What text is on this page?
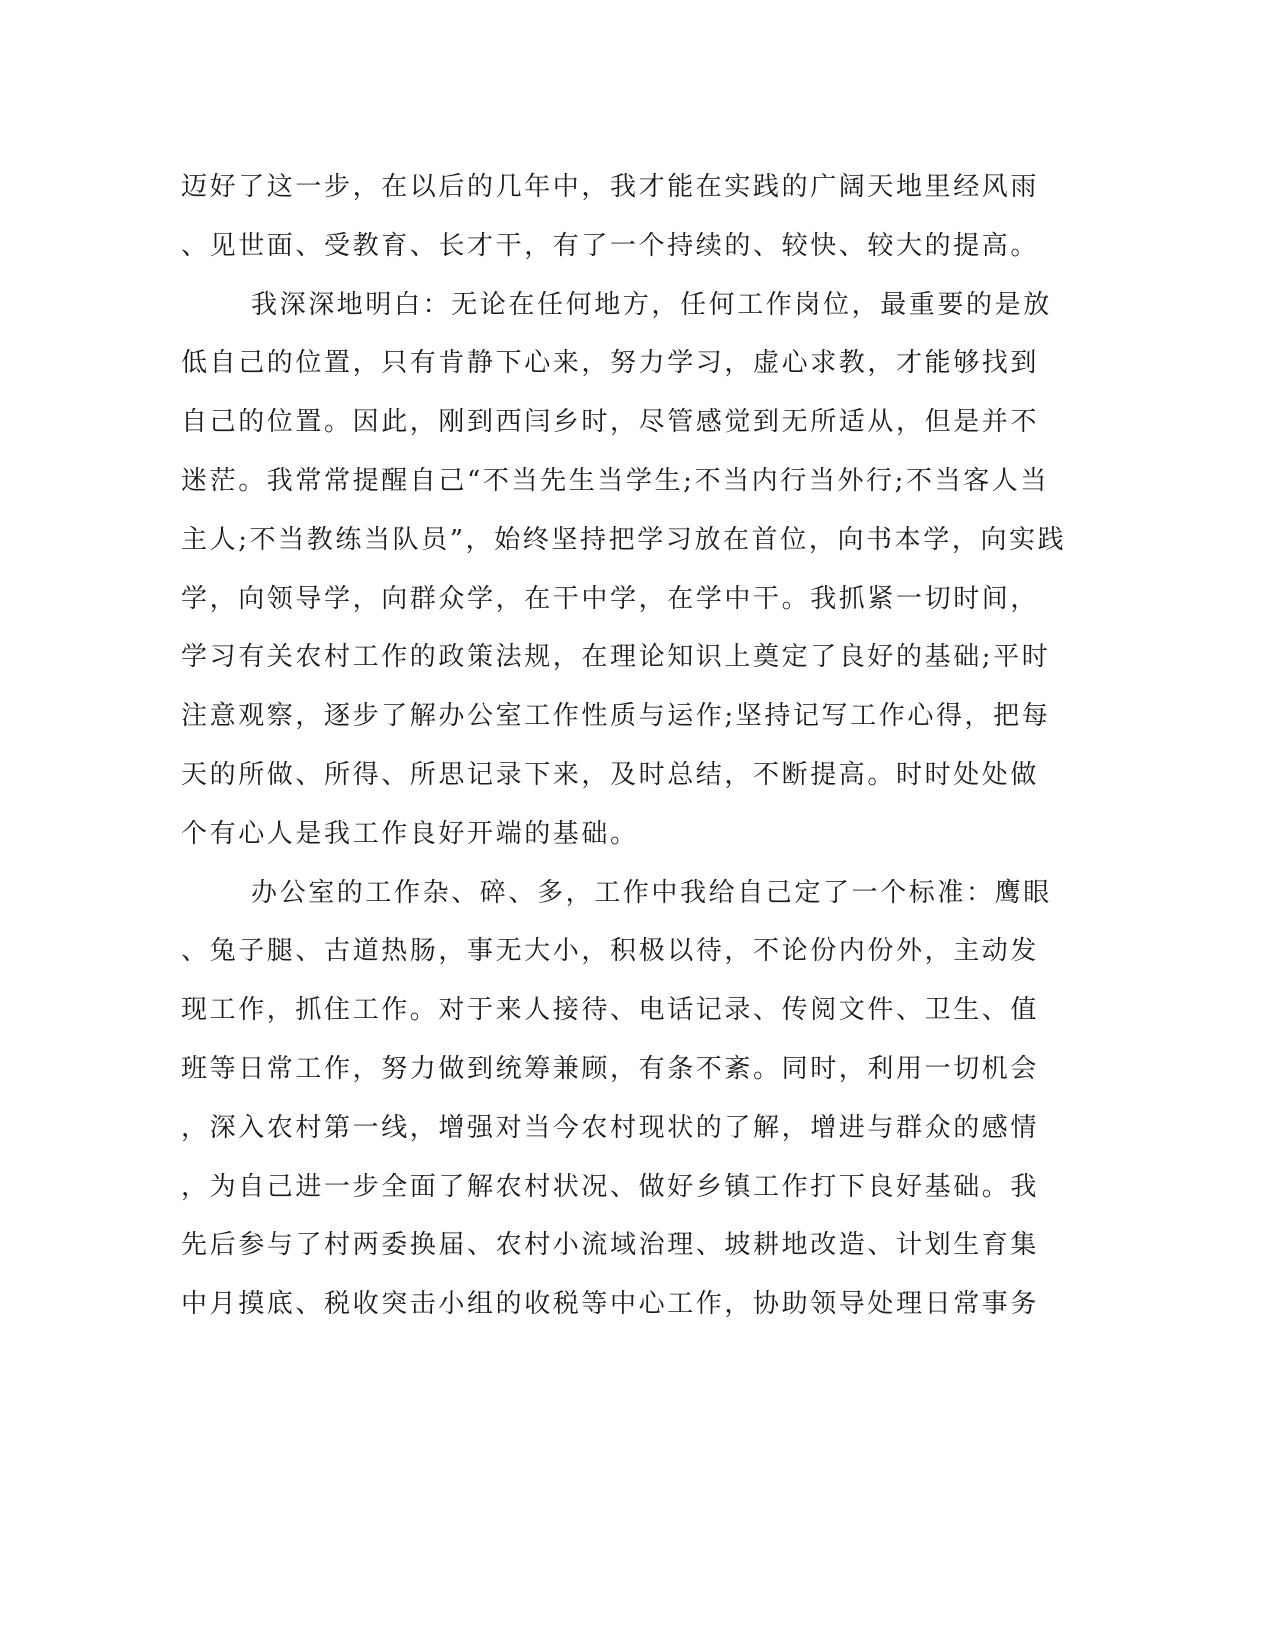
迈好了这一步，在以后的几年中，我才能在实践的广阔天地里经风雨
、见世面、受教育、长才干，有了一个持续的、较快、较大的提高。
我深深地明白：无论在任何地方，任何工作岗位，最重要的是放
低自己的位置，只有肯静下心来，努力学习，虚心求教，才能够找到
自己的位置。因此，刚到西闫乡时，尽管感觉到无所适从，但是并不
迷茫。我常常提醒自己“不当先生当学生;不当内行当外行;不当客人当
主人;不当教练当队员”，始终坚持把学习放在首位，向书本学，向实践
学，向领导学，向群众学，在干中学，在学中干。我抓紧一切时间，
学习有关农村工作的政策法规，在理论知识上奠定了良好的基础;平时
注意观察，逐步了解办公室工作性质与运作;坚持记写工作心得，把每
天的所做、所得、所思记录下来，及时总结，不断提高。时时处处做
个有心人是我工作良好开端的基础。
办公室的工作杂、碎、多，工作中我给自己定了一个标准：鹰眼
、兔子腿、古道热肠，事无大小，积极以待，不论份内份外，主动发
现工作，抓住工作。对于来人接待、电话记录、传阅文件、卫生、值
班等日常工作，努力做到统筹兼顾，有条不紊。同时，利用一切机会
，深入农村第一线，增强对当今农村现状的了解，增进与群众的感情
，为自己进一步全面了解农村状况、做好乡镇工作打下良好基础。我
先后参与了村两委换届、农村小流域治理、坡耕地改造、计划生育集
中月摸底、税收突击小组的收税等中心工作，协助领导处理日常事务
